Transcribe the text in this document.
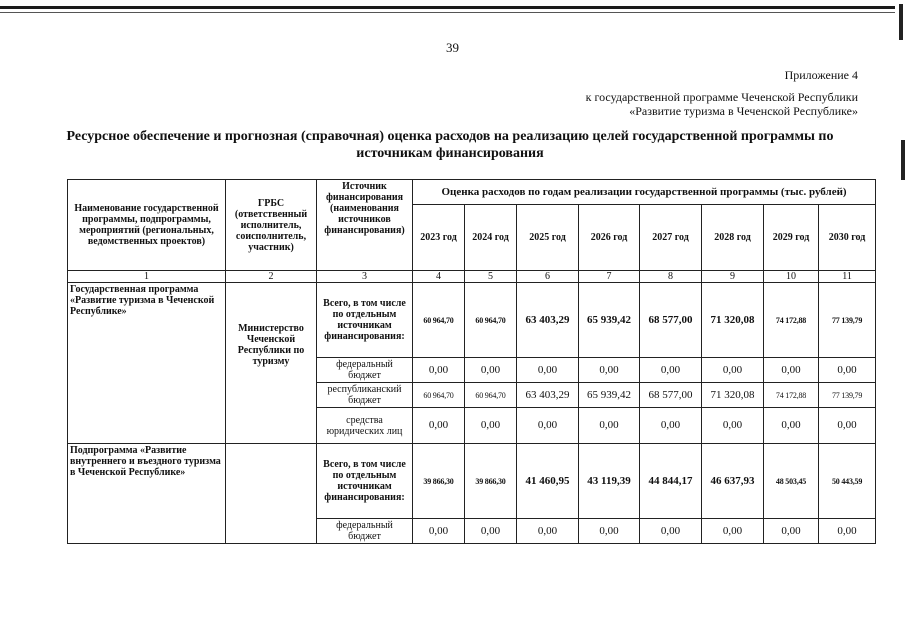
39
Приложение 4
к государственной программе Чеченской Республики
«Развитие туризма в Чеченской Республике»
Ресурсное обеспечение и прогнозная (справочная) оценка расходов на реализацию целей государственной программы по источникам финансирования
Наименование государственной программы, подпрограммы, мероприятий (региональных, ведомственных проектов)	ГРБС (ответственный исполнитель, соисполнитель, участник)	Источник финансирования (наименования источников финансирования)	Оценка расходов по годам реализации государственной программы (тыс. рублей)							
			2023 год	2024 год	2025 год	2026 год	2027 год	2028 год	2029 год	2030 год
1	2	3	4	5	6	7	8	9	10	11
Государственная программа «Развитие туризма в Чеченской Республике»	Министерство Чеченской Республики по туризму	Всего, в том числе по отдельным источникам финансирования:	60 964,70	60 964,70	63 403,29	65 939,42	68 577,00	71 320,08	74 172,88	77 139,79
		федеральный бюджет	0,00	0,00	0,00	0,00	0,00	0,00	0,00	0,00
		республиканский бюджет	60 964,70	60 964,70	63 403,29	65 939,42	68 577,00	71 320,08	74 172,88	77 139,79
		средства юридических лиц	0,00	0,00	0,00	0,00	0,00	0,00	0,00	0,00
Подпрограмма «Развитие внутреннего и въездного туризма в Чеченской Республике»		Всего, в том числе по отдельным источникам финансирования:	39 866,30	39 866,30	41 460,95	43 119,39	44 844,17	46 637,93	48 503,45	50 443,59
		федеральный бюджет	0,00	0,00	0,00	0,00	0,00	0,00	0,00	0,00
